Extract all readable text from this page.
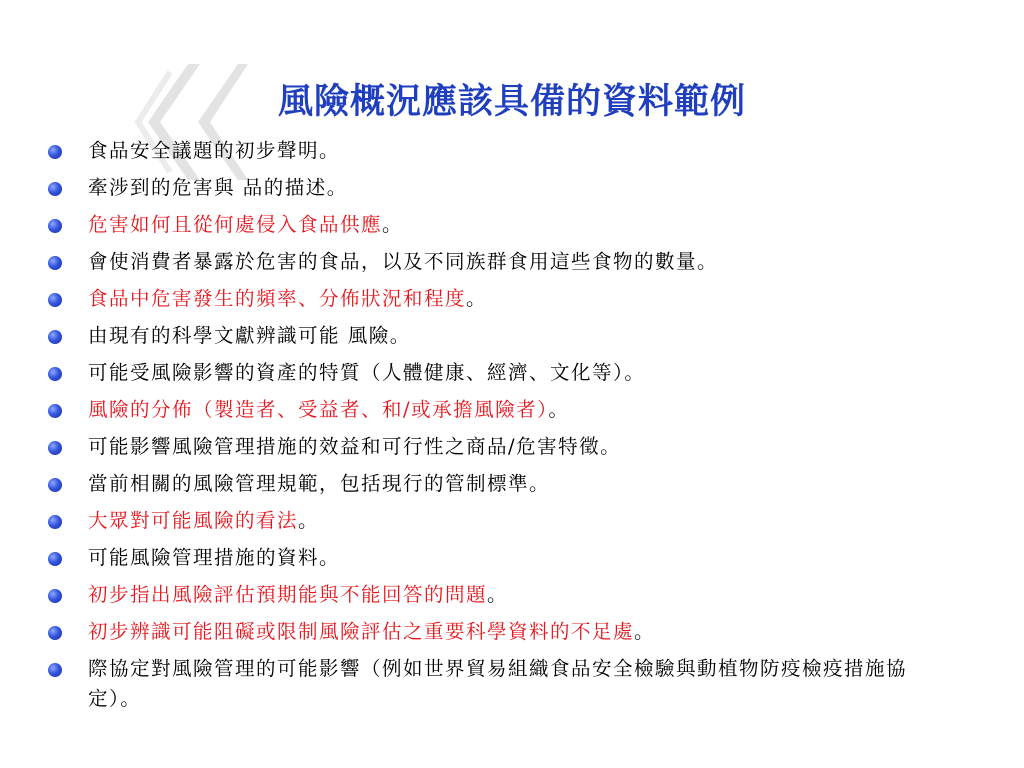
風險概況應該具備的資料範例
食品安全議題的初步聲明。
牽涉到的危害與 品的描述。
危害如何且從何處侵入食品供應。
會使消費者暴露於危害的食品，以及不同族群食用這些食物的數量。
食品中危害發生的頻率、分佈狀況和程度。
由現有的科學文獻辨識可能 風險。
可能受風險影響的資產的特質（人體健康、經濟、文化等）。
風險的分佈（製造者、受益者、和/或承擔風險者）。
可能影響風險管理措施的效益和可行性之商品/危害特徵。
當前相關的風險管理規範，包括現行的管制標準。
大眾對可能風險的看法。
可能風險管理措施的資料。
初步指出風險評估預期能與不能回答的問題。
初步辨識可能阻礙或限制風險評估之重要科學資料的不足處。
際協定對風險管理的可能影響（例如世界貿易組織食品安全檢驗與動植物防疫檢疫措施協定）。
